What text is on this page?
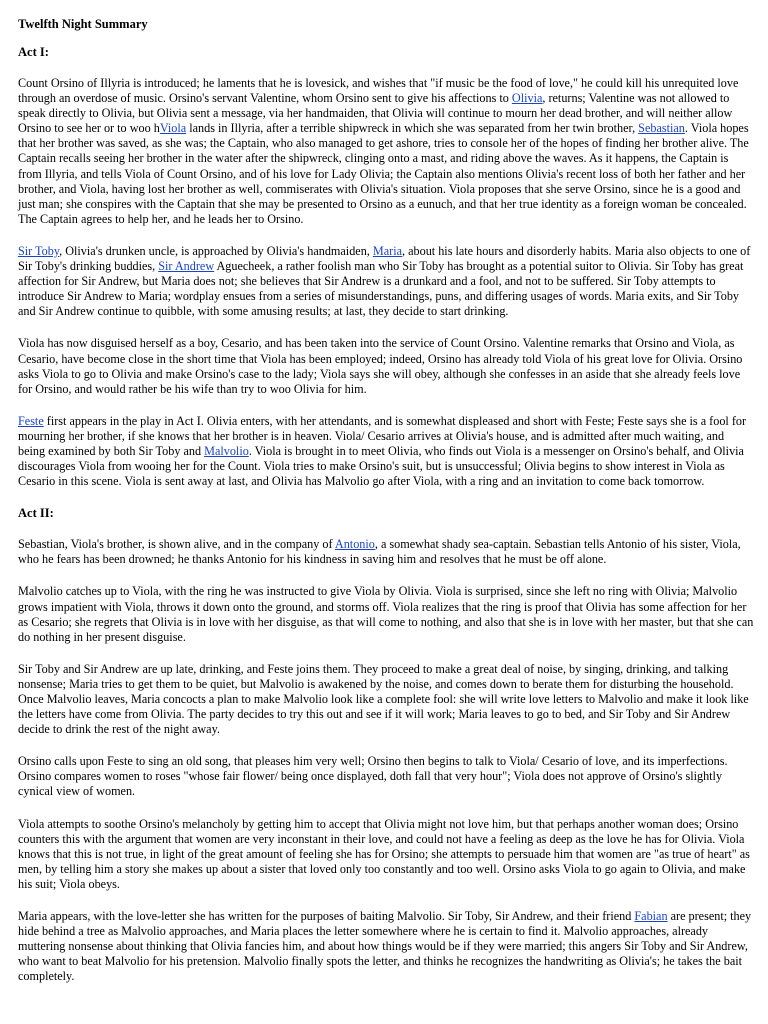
Twelfth Night Summary
Act I:

Count Orsino of Illyria is introduced; he laments that he is lovesick, and wishes that "if music be the food of love," he could kill his unrequited love through an overdose of music. Orsino's servant Valentine, whom Orsino sent to give his affections to Olivia, returns; Valentine was not allowed to speak directly to Olivia, but Olivia sent a message, via her handmaiden, that Olivia will continue to mourn her dead brother, and will neither allow Orsino to see her or to woo hViola lands in Illyria, after a terrible shipwreck in which she was separated from her twin brother, Sebastian. Viola hopes that her brother was saved, as she was; the Captain, who also managed to get ashore, tries to console her of the hopes of finding her brother alive. The Captain recalls seeing her brother in the water after the shipwreck, clinging onto a mast, and riding above the waves. As it happens, the Captain is from Illyria, and tells Viola of Count Orsino, and of his love for Lady Olivia; the Captain also mentions Olivia's recent loss of both her father and her brother, and Viola, having lost her brother as well, commiserates with Olivia's situation. Viola proposes that she serve Orsino, since he is a good and just man; she conspires with the Captain that she may be presented to Orsino as a eunuch, and that her true identity as a foreign woman be concealed. The Captain agrees to help her, and he leads her to Orsino.

Sir Toby, Olivia's drunken uncle, is approached by Olivia's handmaiden, Maria, about his late hours and disorderly habits. Maria also objects to one of Sir Toby's drinking buddies, Sir Andrew Aguecheek, a rather foolish man who Sir Toby has brought as a potential suitor to Olivia. Sir Toby has great affection for Sir Andrew, but Maria does not; she believes that Sir Andrew is a drunkard and a fool, and not to be suffered. Sir Toby attempts to introduce Sir Andrew to Maria; wordplay ensues from a series of misunderstandings, puns, and differing usages of words. Maria exits, and Sir Toby and Sir Andrew continue to quibble, with some amusing results; at last, they decide to start drinking.

Viola has now disguised herself as a boy, Cesario, and has been taken into the service of Count Orsino. Valentine remarks that Orsino and Viola, as Cesario, have become close in the short time that Viola has been employed; indeed, Orsino has already told Viola of his great love for Olivia. Orsino asks Viola to go to Olivia and make Orsino's case to the lady; Viola says she will obey, although she confesses in an aside that she already feels love for Orsino, and would rather be his wife than try to woo Olivia for him.

Feste first appears in the play in Act I. Olivia enters, with her attendants, and is somewhat displeased and short with Feste; Feste says she is a fool for mourning her brother, if she knows that her brother is in heaven. Viola/ Cesario arrives at Olivia's house, and is admitted after much waiting, and being examined by both Sir Toby and Malvolio. Viola is brought in to meet Olivia, who finds out Viola is a messenger on Orsino's behalf, and Olivia discourages Viola from wooing her for the Count. Viola tries to make Orsino's suit, but is unsuccessful; Olivia begins to show interest in Viola as Cesario in this scene. Viola is sent away at last, and Olivia has Malvolio go after Viola, with a ring and an invitation to come back tomorrow.

Act II:

Sebastian, Viola's brother, is shown alive, and in the company of Antonio, a somewhat shady sea-captain. Sebastian tells Antonio of his sister, Viola, who he fears has been drowned; he thanks Antonio for his kindness in saving him and resolves that he must be off alone.

Malvolio catches up to Viola, with the ring he was instructed to give Viola by Olivia. Viola is surprised, since she left no ring with Olivia; Malvolio grows impatient with Viola, throws it down onto the ground, and storms off. Viola realizes that the ring is proof that Olivia has some affection for her as Cesario; she regrets that Olivia is in love with her disguise, as that will come to nothing, and also that she is in love with her master, but that she can do nothing in her present disguise.

Sir Toby and Sir Andrew are up late, drinking, and Feste joins them. They proceed to make a great deal of noise, by singing, drinking, and talking nonsense; Maria tries to get them to be quiet, but Malvolio is awakened by the noise, and comes down to berate them for disturbing the household. Once Malvolio leaves, Maria concocts a plan to make Malvolio look like a complete fool: she will write love letters to Malvolio and make it look like the letters have come from Olivia. The party decides to try this out and see if it will work; Maria leaves to go to bed, and Sir Toby and Sir Andrew decide to drink the rest of the night away.

Orsino calls upon Feste to sing an old song, that pleases him very well; Orsino then begins to talk to Viola/ Cesario of love, and its imperfections. Orsino compares women to roses "whose fair flower/ being once displayed, doth fall that very hour"; Viola does not approve of Orsino's slightly cynical view of women.

Viola attempts to soothe Orsino's melancholy by getting him to accept that Olivia might not love him, but that perhaps another woman does; Orsino counters this with the argument that women are very inconstant in their love, and could not have a feeling as deep as the love he has for Olivia. Viola knows that this is not true, in light of the great amount of feeling she has for Orsino; she attempts to persuade him that women are "as true of heart" as men, by telling him a story she makes up about a sister that loved only too constantly and too well. Orsino asks Viola to go again to Olivia, and make his suit; Viola obeys.

Maria appears, with the love-letter she has written for the purposes of baiting Malvolio. Sir Toby, Sir Andrew, and their friend Fabian are present; they hide behind a tree as Malvolio approaches, and Maria places the letter somewhere where he is certain to find it. Malvolio approaches, already muttering nonsense about thinking that Olivia fancies him, and about how things would be if they were married; this angers Sir Toby and Sir Andrew, who want to beat Malvolio for his pretension. Malvolio finally spots the letter, and thinks he recognizes the handwriting as Olivia's; he takes the bait completely.
